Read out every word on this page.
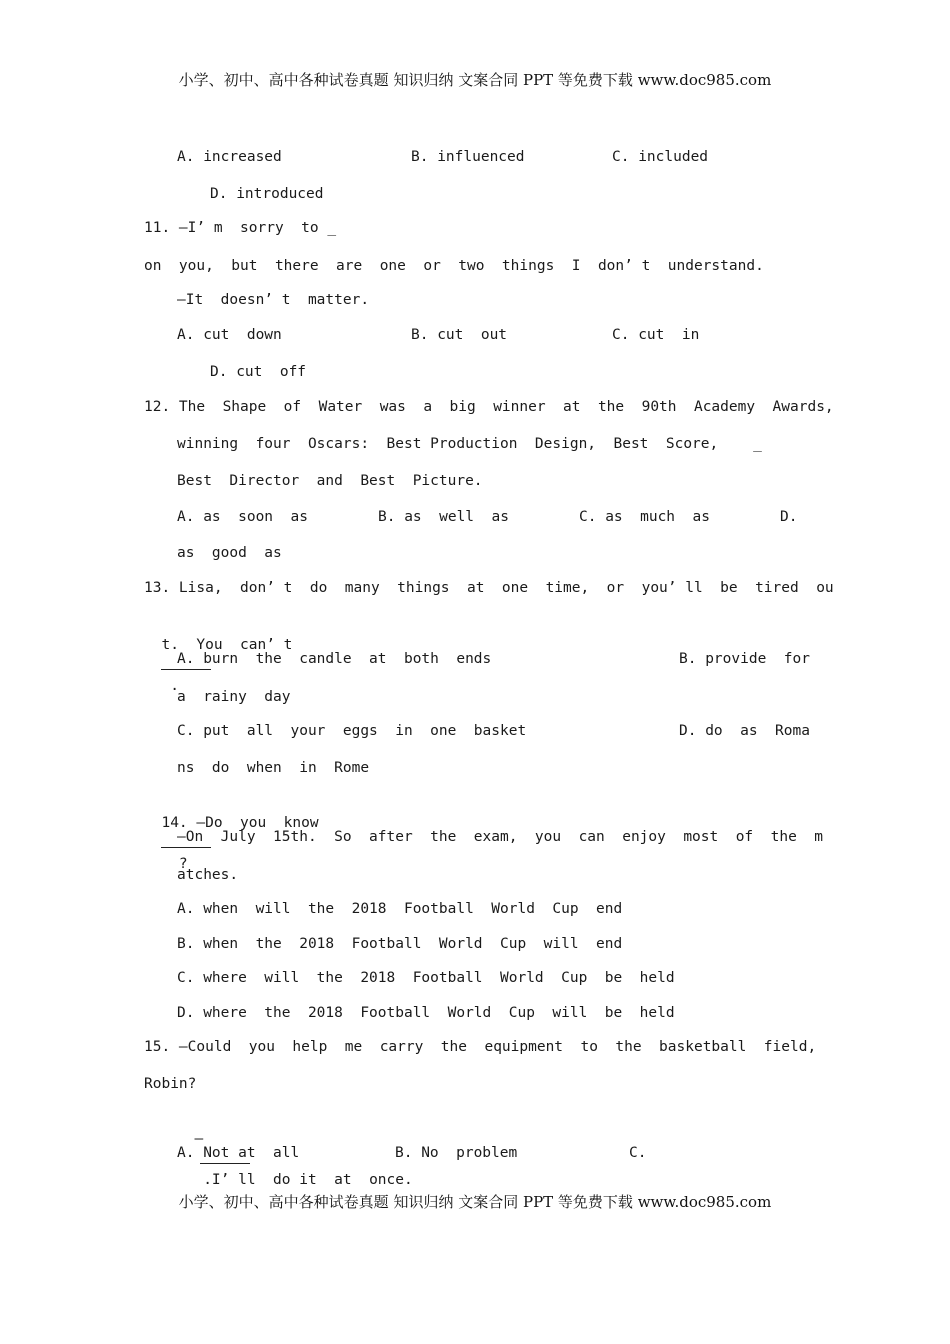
小学、初中、高中各种试卷真题 知识归纳 文案合同 PPT 等免费下载 www.doc985.com
A. increased	B. influenced	C. included
D. introduced
11. —I’ m  sorry  to _
on  you,  but  there  are  one  or  two  things  I  don’ t  understand.
—It  doesn’ t  matter.
A. cut  down	B. cut  out	C. cut  in
D. cut  off
12. The  Shape  of  Water  was  a  big  winner  at  the  90th  Academy  Awards,
winning  four  Oscars:  Best Production  Design,  Best  Score,    _
Best  Director  and  Best  Picture.
A. as  soon  as	B. as  well  as	C. as  much  as	D.
as  good  as
13. Lisa,  don’ t  do  many  things  at  one  time,  or  you’ ll  be  tired  ou

t.  You  can’ t

.

A. burn  the  candle  at  both  ends	B. provide  for
a  rainy  day
C. put  all  your  eggs  in  one  basket	D. do  as  Roma
ns  do  when  in  Rome

14. —Do  you  know

?

—On  July  15th.  So  after  the  exam,  you  can  enjoy  most  of  the  m
atches.
A. when  will  the  2018  Football  World  Cup  end
B. when  the  2018  Football  World  Cup  will  end
C. where  will  the  2018  Football  World  Cup  be  held
D. where  the  2018  Football  World  Cup  will  be  held
15. —Could  you  help  me  carry  the  equipment  to  the  basketball  field,
Robin?

—

.I’ ll  do it  at  once.

A. Not at  all	B. No  problem	C.
小学、初中、高中各种试卷真题 知识归纳 文案合同 PPT 等免费下载 www.doc985.com
